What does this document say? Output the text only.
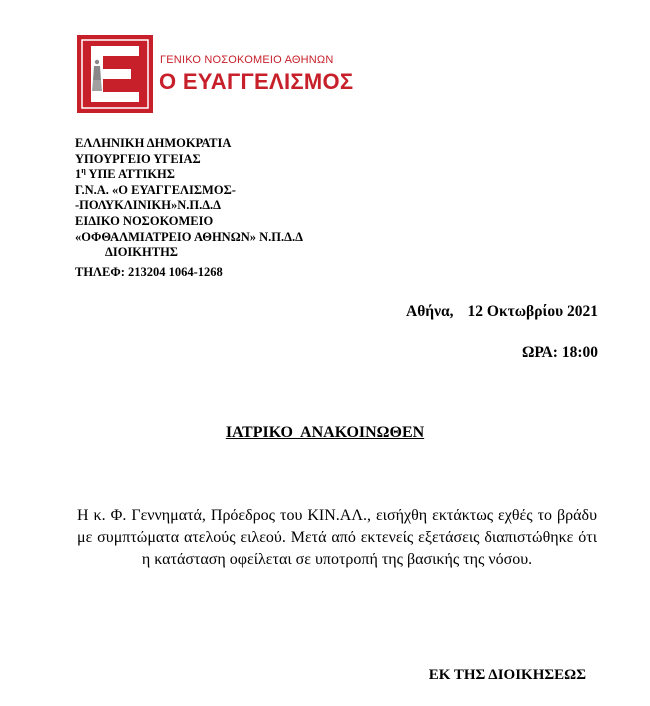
ΓΕΝΙΚΟ ΝΟΣΟΚΟΜΕΙΟ ΑΘΗΝΩΝ
Ο ΕΥΑΓΓΕΛΙΣΜΟΣ
ΕΛΛΗΝΙΚΗ ΔΗΜΟΚΡΑΤΙΑ
ΥΠΟΥΡΓΕΙΟ ΥΓΕΙΑΣ
$1^\eta$ ΥΠΕ ΑΤΤΙΚΗΣ
Γ.Ν.Α. «Ο ΕΥΑΓΓΕΛΙΣΜΟΣ-
-ΠΟΛΥΚΛΙΝΙΚΗ»Ν.Π.Δ.Δ
ΕΙΔΙΚΟ ΝΟΣΟΚΟΜΕΙΟ
«ΟΦΘΑΛΜΙΑΤΡΕΙΟ ΑΘΗΝΩΝ» Ν.Π.Δ.Δ
ΔΙΟΙΚΗΤΗΣ
ΤΗΛΕΦ: 213204 1064-1268
Αθήνα, 12 Οκτωβρίου 2021
ΩΡΑ: 18:00
ΙΑΤΡΙΚΟ ΑΝΑΚΟΙΝΩΘΕΝ
Η κ. Φ. Γεννηματά, Πρόεδρος του ΚΙΝ.ΑΛ., εισήχθη εκτάκτως εχθές το βράδυ με συμπτώματα ατελούς ειλεού. Μετά από εκτενείς εξετάσεις διαπιστώθηκε ότι η κατάσταση οφείλεται σε υποτροπή της βασικής της νόσου.
ΕΚ ΤΗΣ ΔΙΟΙΚΗΣΕΩΣ
